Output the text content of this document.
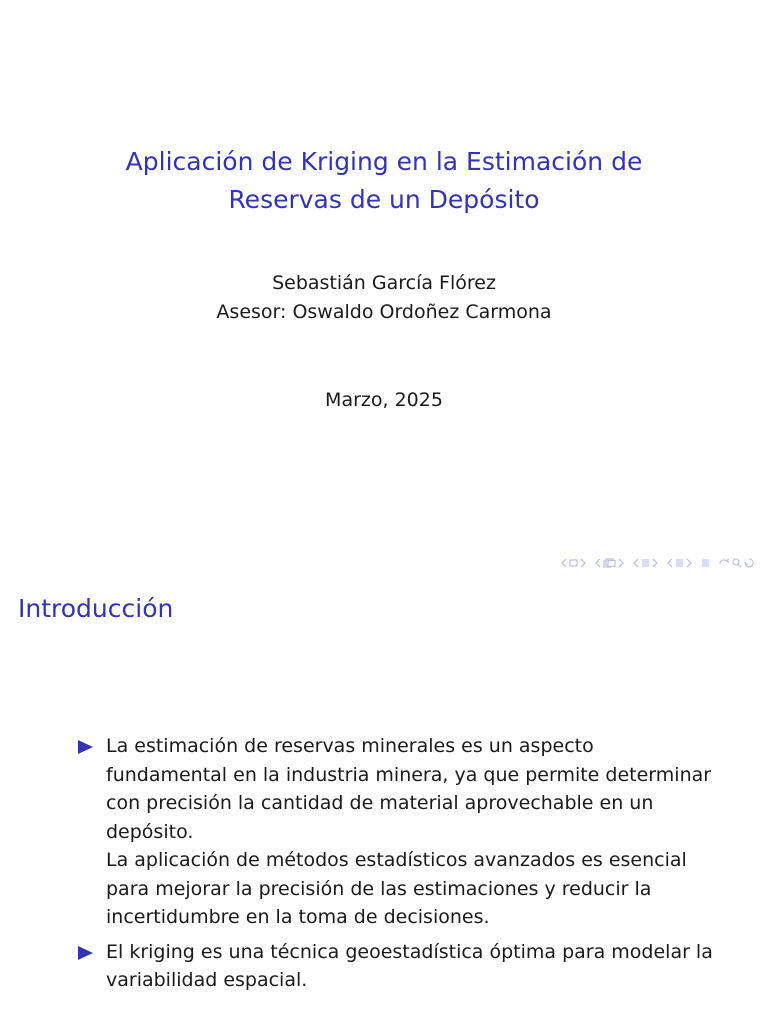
Aplicación de Kriging en la Estimación de
Reservas de un Depósito
Sebastián García Flórez
Asesor: Oswaldo Ordoñez Carmona
Marzo, 2025
Introducción
La estimación de reservas minerales es un aspecto fundamental en la industria minera, ya que permite determinar con precisión la cantidad de material aprovechable en un depósito.
La aplicación de métodos estadísticos avanzados es esencial para mejorar la precisión de las estimaciones y reducir la incertidumbre en la toma de decisiones.
El kriging es una técnica geoestadística óptima para modelar la variabilidad espacial.
